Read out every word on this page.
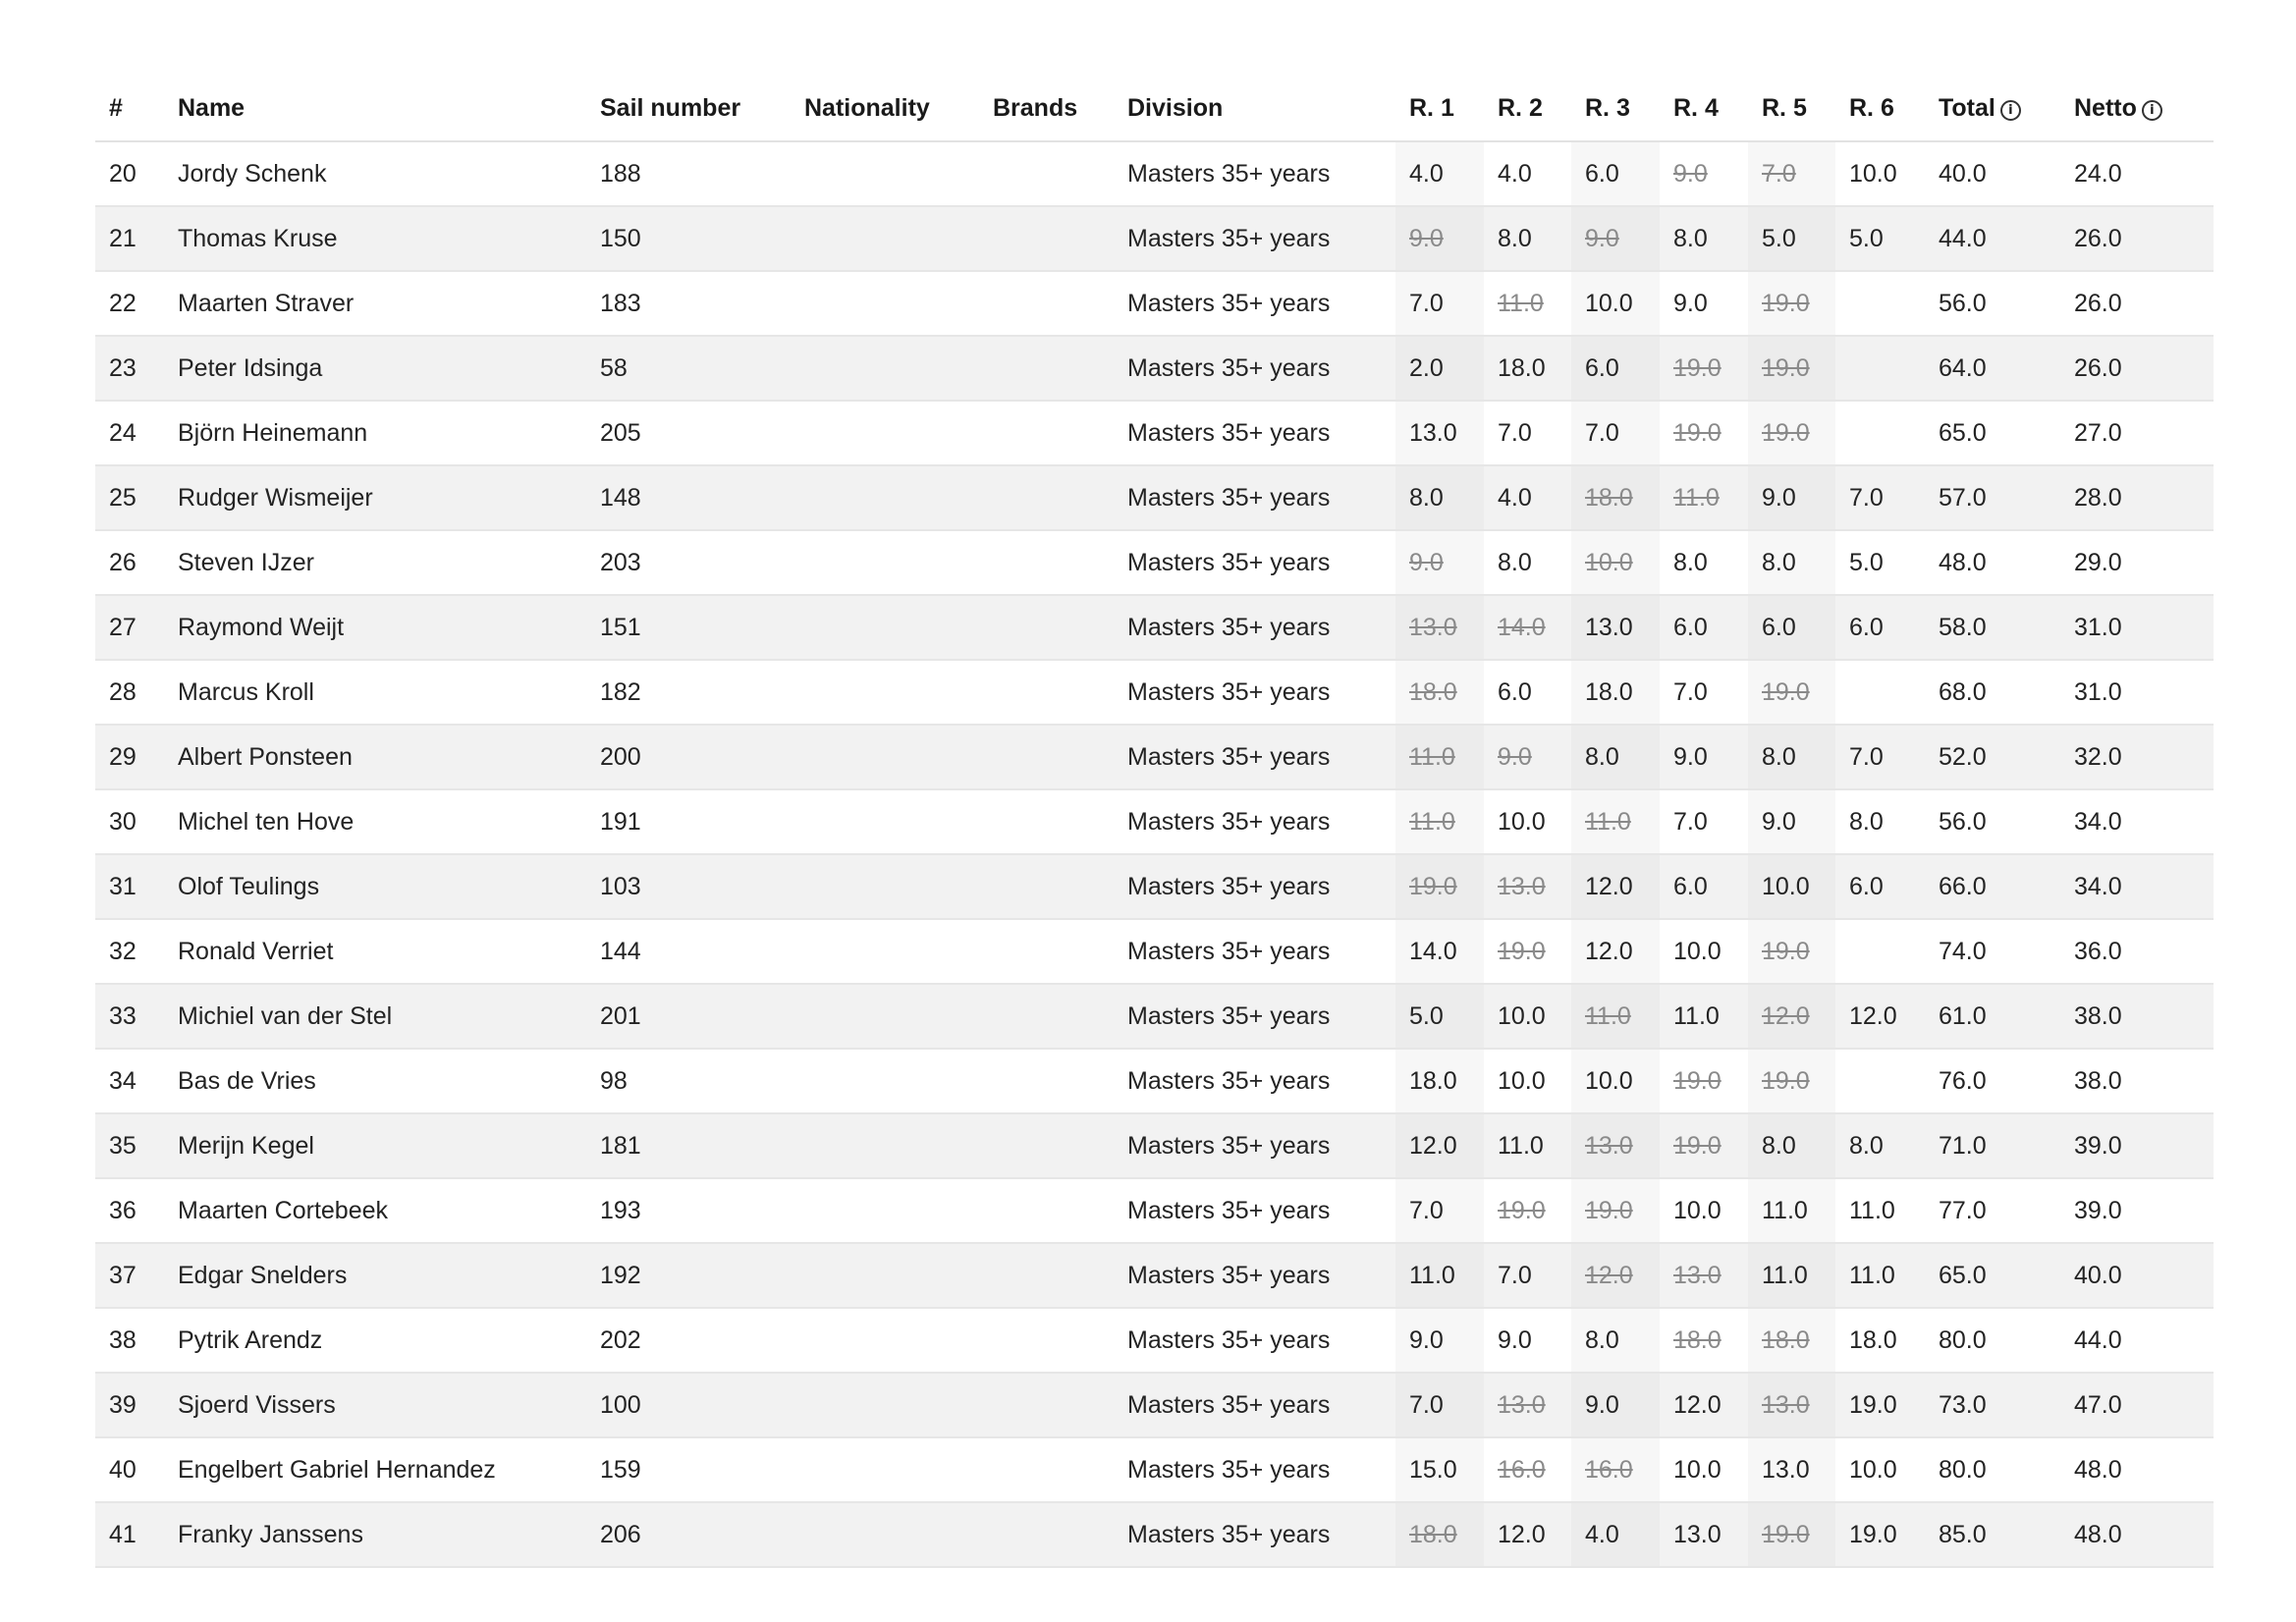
#	Name	Sail number	Nationality	Brands	Division	R. 1	R. 2	R. 3	R. 4	R. 5	R. 6	Total i	Netto i
20	Jordy Schenk	188			Masters 35+ years	4.0	4.0	6.0	9.0	7.0	10.0	40.0	24.0
21	Thomas Kruse	150			Masters 35+ years	9.0	8.0	9.0	8.0	5.0	5.0	44.0	26.0
22	Maarten Straver	183			Masters 35+ years	7.0	11.0	10.0	9.0	19.0		56.0	26.0
23	Peter Idsinga	58			Masters 35+ years	2.0	18.0	6.0	19.0	19.0		64.0	26.0
24	Björn Heinemann	205			Masters 35+ years	13.0	7.0	7.0	19.0	19.0		65.0	27.0
25	Rudger Wismeijer	148			Masters 35+ years	8.0	4.0	18.0	11.0	9.0	7.0	57.0	28.0
26	Steven IJzer	203			Masters 35+ years	9.0	8.0	10.0	8.0	8.0	5.0	48.0	29.0
27	Raymond Weijt	151			Masters 35+ years	13.0	14.0	13.0	6.0	6.0	6.0	58.0	31.0
28	Marcus Kroll	182			Masters 35+ years	18.0	6.0	18.0	7.0	19.0		68.0	31.0
29	Albert Ponsteen	200			Masters 35+ years	11.0	9.0	8.0	9.0	8.0	7.0	52.0	32.0
30	Michel ten Hove	191			Masters 35+ years	11.0	10.0	11.0	7.0	9.0	8.0	56.0	34.0
31	Olof Teulings	103			Masters 35+ years	19.0	13.0	12.0	6.0	10.0	6.0	66.0	34.0
32	Ronald Verriet	144			Masters 35+ years	14.0	19.0	12.0	10.0	19.0		74.0	36.0
33	Michiel van der Stel	201			Masters 35+ years	5.0	10.0	11.0	11.0	12.0	12.0	61.0	38.0
34	Bas de Vries	98			Masters 35+ years	18.0	10.0	10.0	19.0	19.0		76.0	38.0
35	Merijn Kegel	181			Masters 35+ years	12.0	11.0	13.0	19.0	8.0	8.0	71.0	39.0
36	Maarten Cortebeek	193			Masters 35+ years	7.0	19.0	19.0	10.0	11.0	11.0	77.0	39.0
37	Edgar Snelders	192			Masters 35+ years	11.0	7.0	12.0	13.0	11.0	11.0	65.0	40.0
38	Pytrik Arendz	202			Masters 35+ years	9.0	9.0	8.0	18.0	18.0	18.0	80.0	44.0
39	Sjoerd Vissers	100			Masters 35+ years	7.0	13.0	9.0	12.0	13.0	19.0	73.0	47.0
40	Engelbert Gabriel Hernandez	159			Masters 35+ years	15.0	16.0	16.0	10.0	13.0	10.0	80.0	48.0
41	Franky Janssens	206			Masters 35+ years	18.0	12.0	4.0	13.0	19.0	19.0	85.0	48.0
